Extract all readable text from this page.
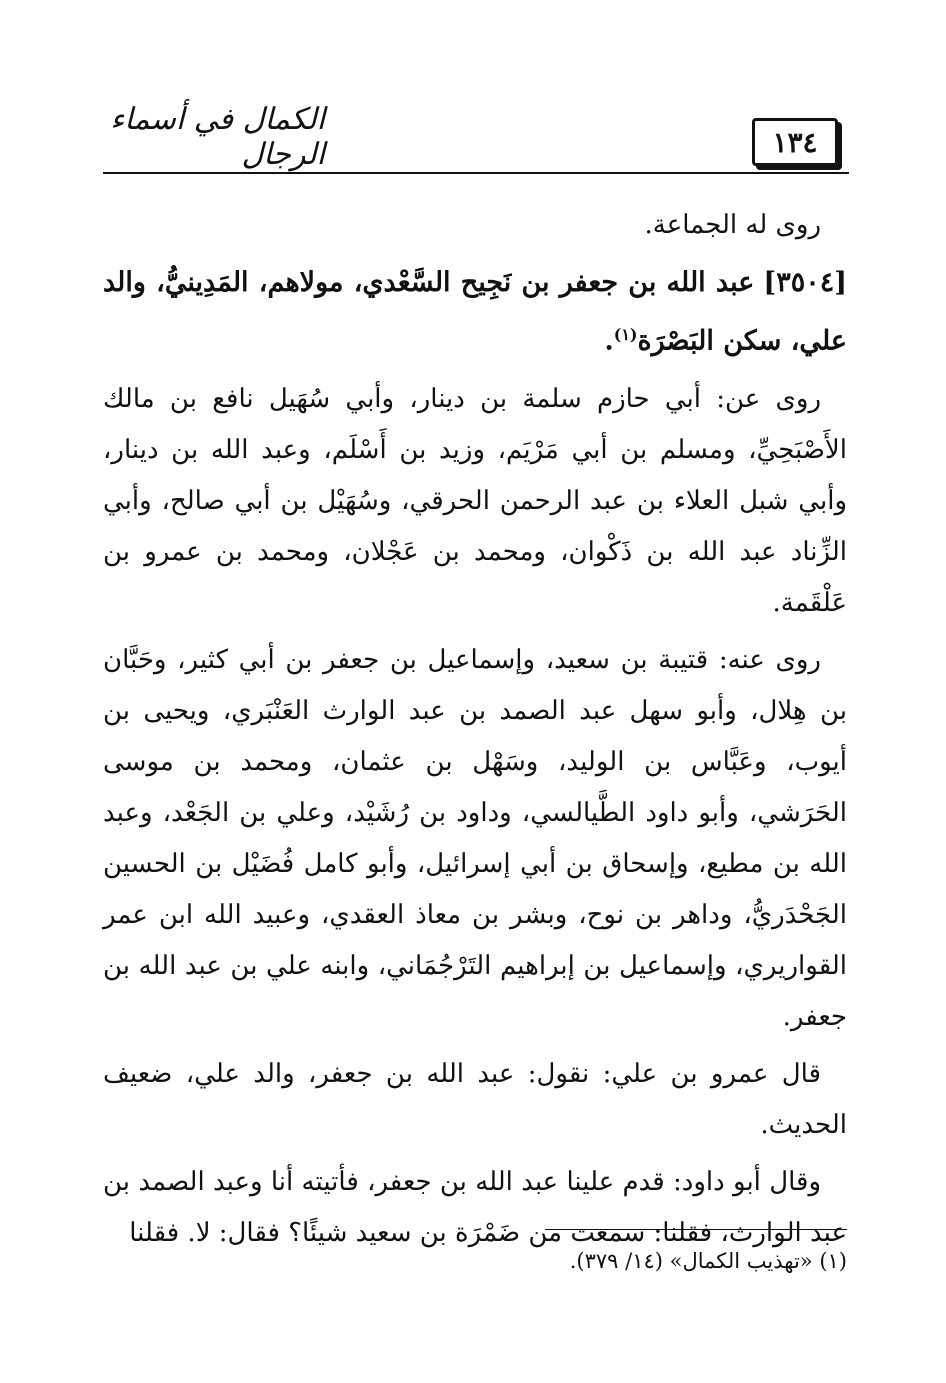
الكمال في أسماء الرجال	١٣٤

روى له الجماعة.

[٣٥٠٤] عبد الله بن جعفر بن نَجِيح السَّعْدي، مولاهم، المَدِينيُّ، والد علي، سكن البَصْرَة$^{(١)}$.

روى عن: أبي حازم سلمة بن دينار، وأبي سُهَيل نافع بن مالك الأَصْبَحِيِّ، ومسلم بن أبي مَرْيَم، وزيد بن أَسْلَم، وعبد الله بن دينار، وأبي شبل العلاء بن عبد الرحمن الحرقي، وسُهَيْل بن أبي صالح، وأبي الزِّناد عبد الله بن ذَكْوان، ومحمد بن عَجْلان، ومحمد بن عمرو بن عَلْقَمة.

روى عنه: قتيبة بن سعيد، وإسماعيل بن جعفر بن أبي كثير، وحَبَّان بن هِلال، وأبو سهل عبد الصمد بن عبد الوارث العَنْبَري، ويحيى بن أيوب، وعَبَّاس بن الوليد، وسَهْل بن عثمان، ومحمد بن موسى الحَرَشي، وأبو داود الطَّيالسي، وداود بن رُشَيْد، وعلي بن الجَعْد، وعبد الله بن مطيع، وإسحاق بن أبي إسرائيل، وأبو كامل فُضَيْل بن الحسين الجَحْدَريُّ، وداهر بن نوح، وبشر بن معاذ العقدي، وعبيد الله ابن عمر القواريري، وإسماعيل بن إبراهيم التَرْجُمَاني، وابنه علي بن عبد الله بن جعفر.

قال عمرو بن علي: نقول: عبد الله بن جعفر، والد علي، ضعيف الحديث.

وقال أبو داود: قدم علينا عبد الله بن جعفر، فأتيته أنا وعبد الصمد بن عبد الوارث، فقلنا: سمعت من ضَمْرَة بن سعيد شيئًا؟ فقال: لا. فقلنا

(١) «تهذيب الكمال» (١٤/ ٣٧٩).
